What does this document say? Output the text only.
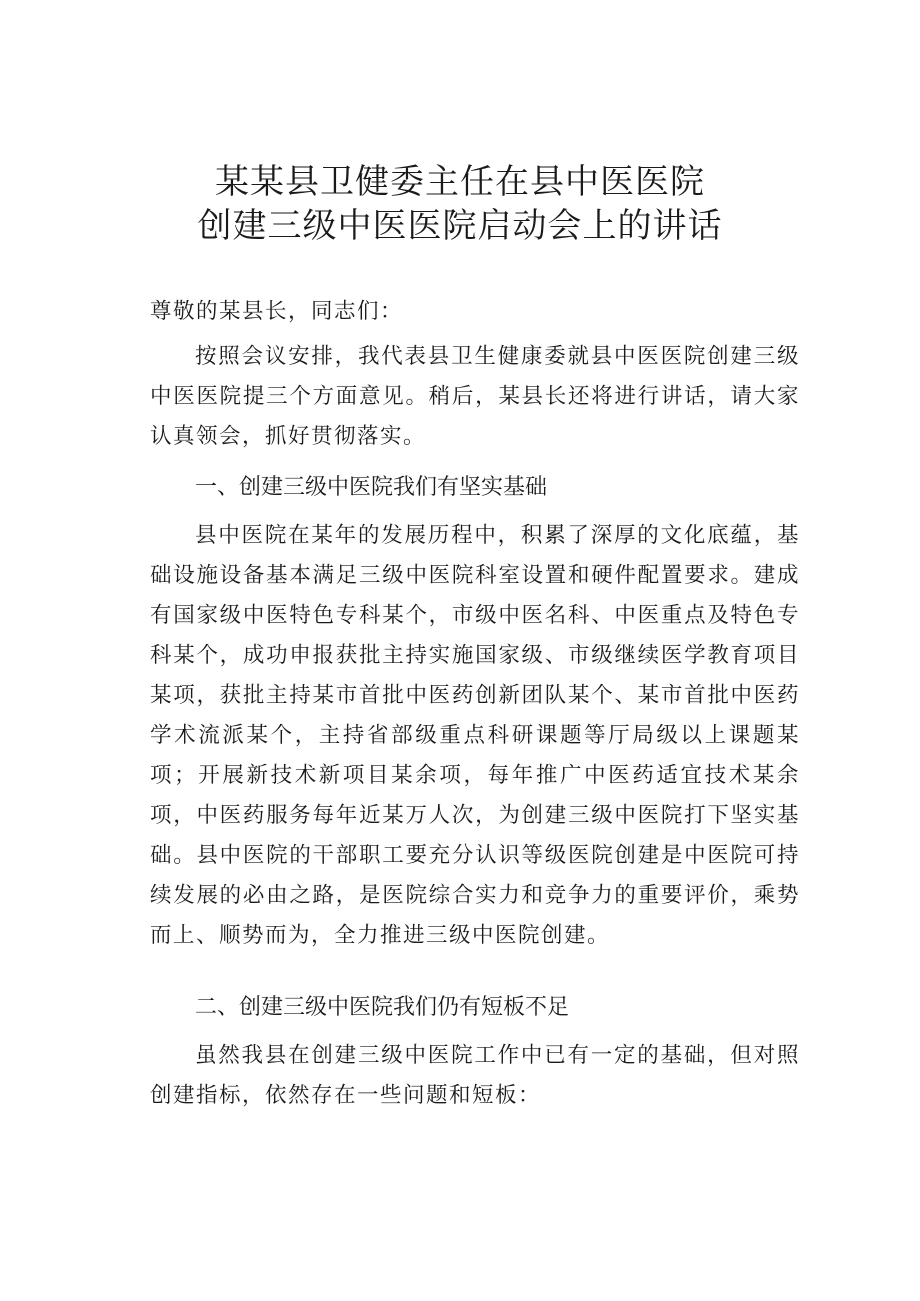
某某县卫健委主任在县中医医院
创建三级中医医院启动会上的讲话
尊敬的某县长，同志们：

按照会议安排，我代表县卫生健康委就县中医医院创建三级中医医院提三个方面意见。稍后，某县长还将进行讲话，请大家认真领会，抓好贯彻落实。

一、创建三级中医院我们有坚实基础

县中医院在某年的发展历程中，积累了深厚的文化底蕴，基础设施设备基本满足三级中医院科室设置和硬件配置要求。建成有国家级中医特色专科某个，市级中医名科、中医重点及特色专科某个，成功申报获批主持实施国家级、市级继续医学教育项目某项，获批主持某市首批中医药创新团队某个、某市首批中医药学术流派某个，主持省部级重点科研课题等厅局级以上课题某项；开展新技术新项目某余项，每年推广中医药适宜技术某余项，中医药服务每年近某万人次，为创建三级中医院打下坚实基础。县中医院的干部职工要充分认识等级医院创建是中医院可持续发展的必由之路，是医院综合实力和竞争力的重要评价，乘势而上、顺势而为，全力推进三级中医院创建。

二、创建三级中医院我们仍有短板不足

虽然我县在创建三级中医院工作中已有一定的基础，但对照创建指标，依然存在一些问题和短板：
